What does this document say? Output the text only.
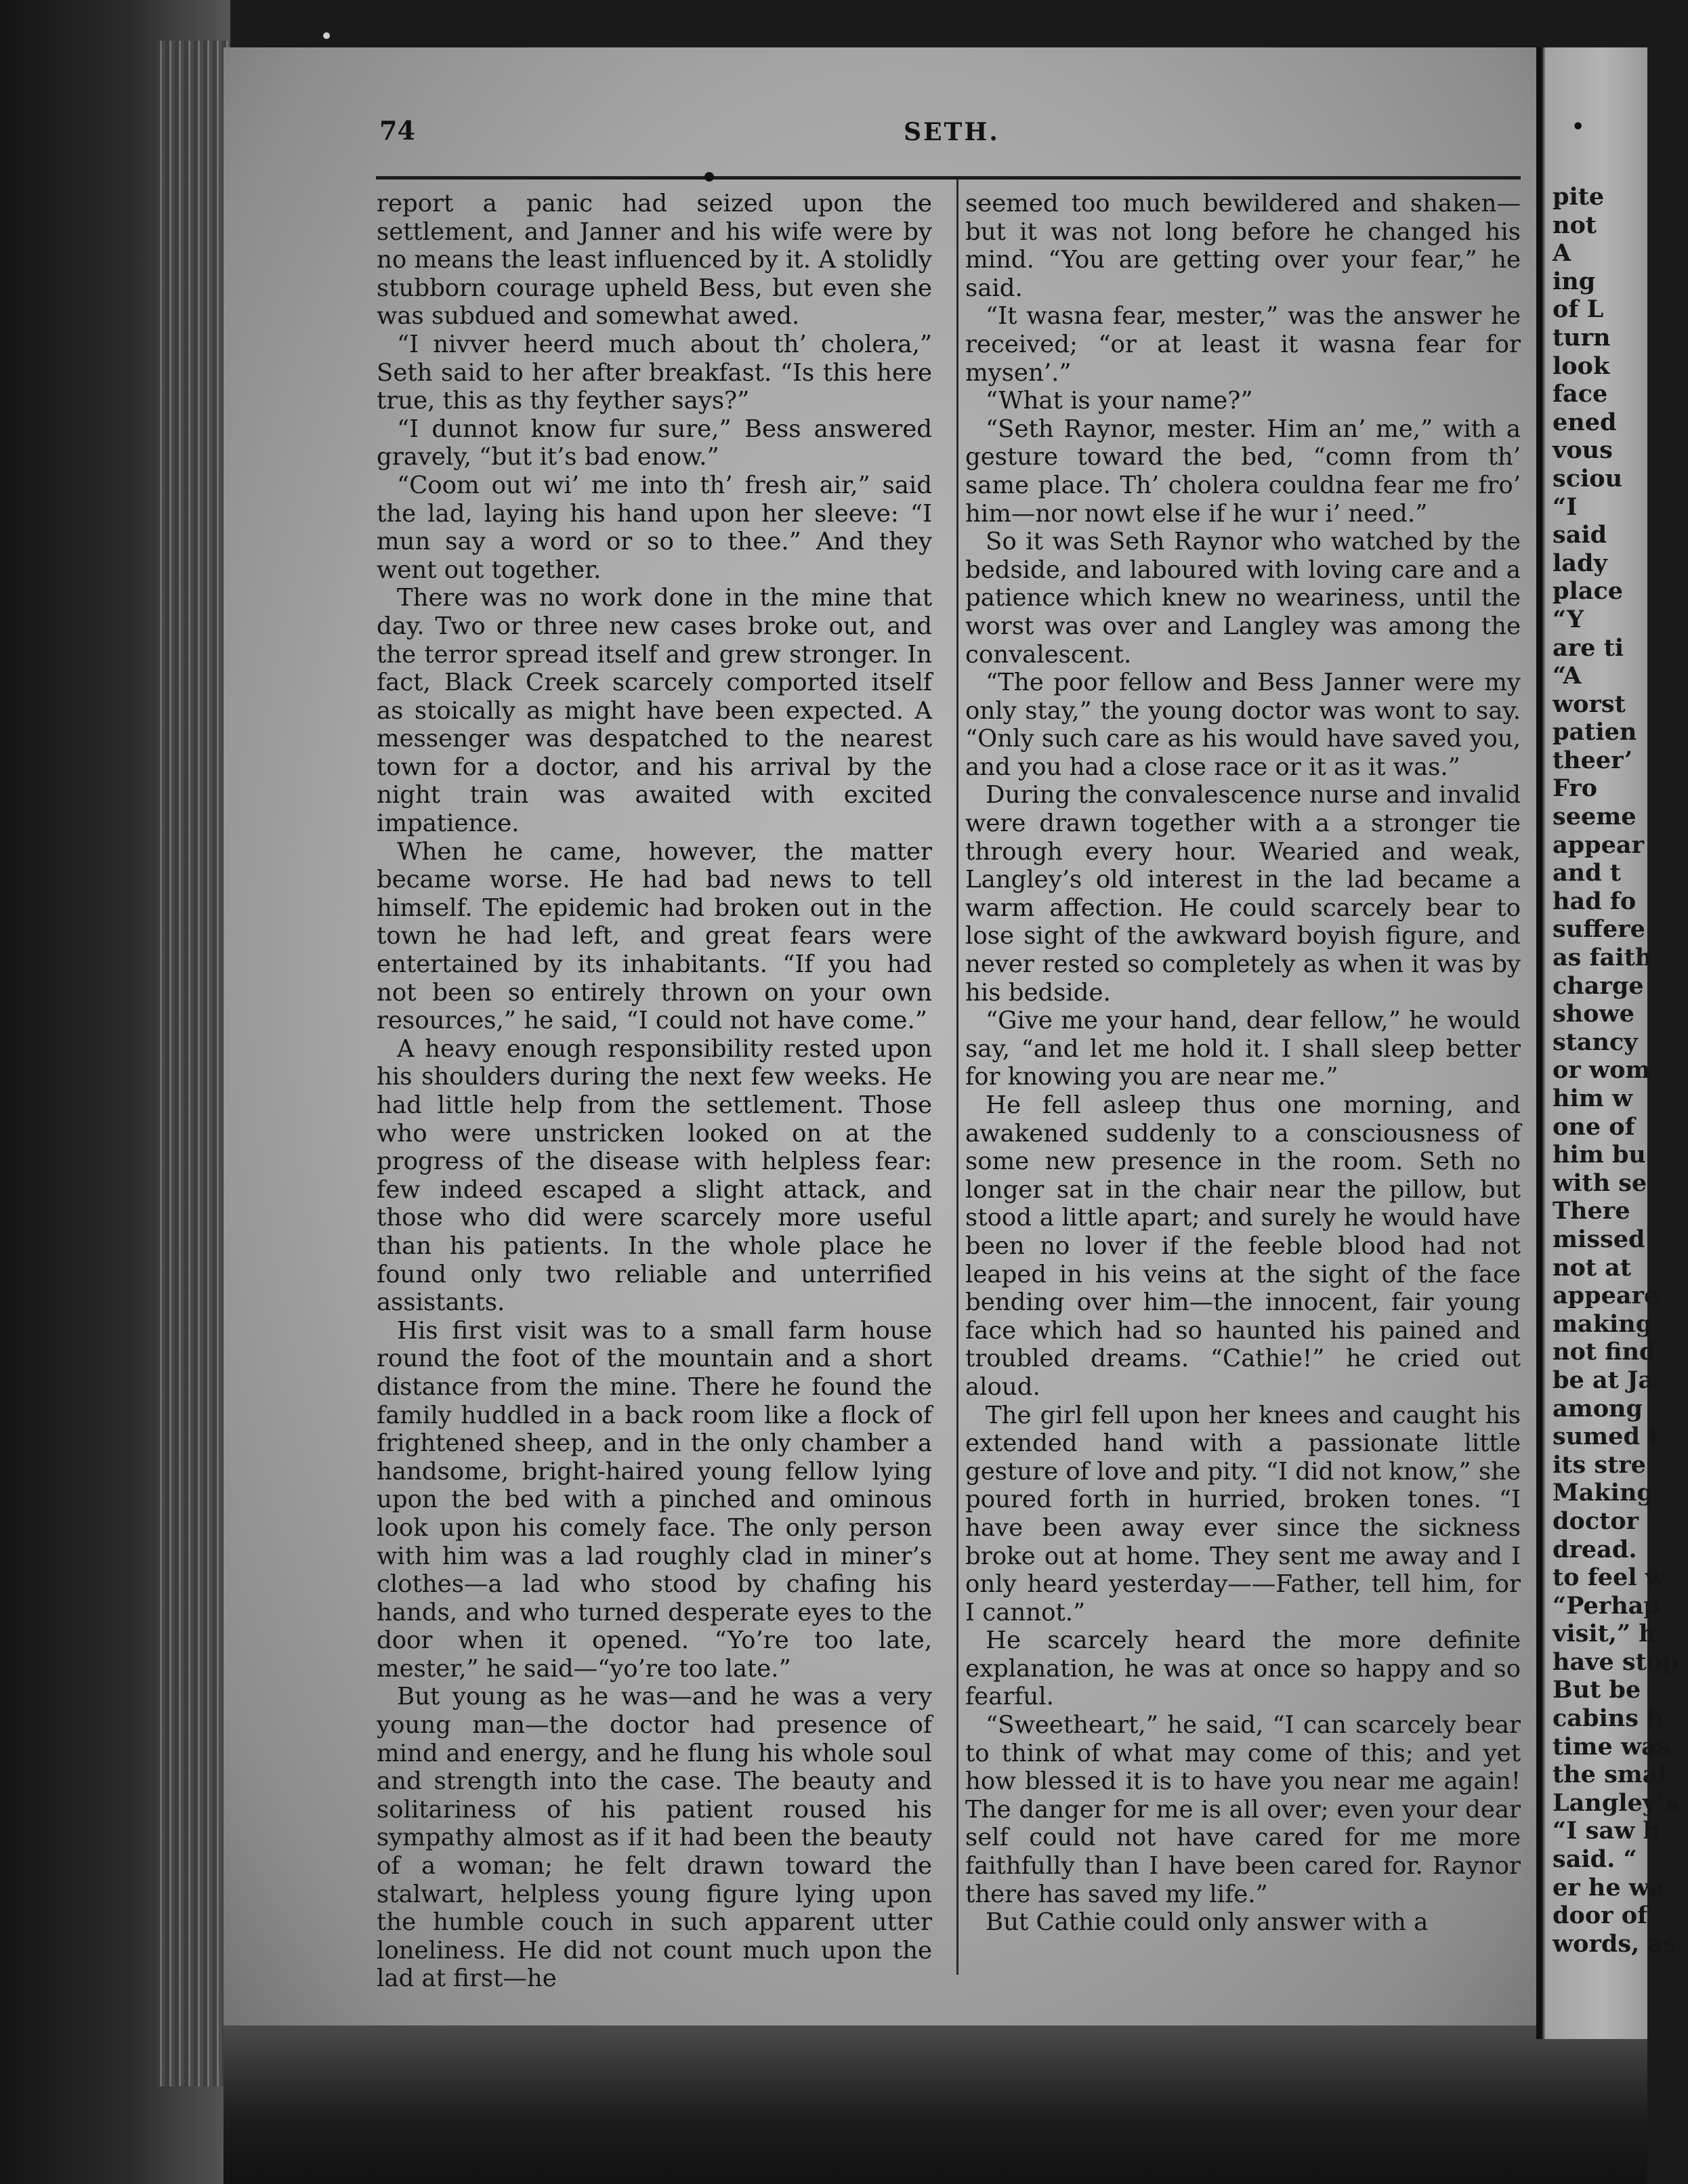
•
74	SETH.

report a panic had seized upon the settlement, and Janner and his wife were by no means the least influenced by it. A stolidly stubborn courage upheld Bess, but even she was subdued and somewhat awed.

“I nivver heerd much about th’ cholera,” Seth said to her after breakfast. “Is this here true, this as thy feyther says?”

“I dunnot know fur sure,” Bess answered gravely, “but it’s bad enow.”

“Coom out wi’ me into th’ fresh air,” said the lad, laying his hand upon her sleeve: “I mun say a word or so to thee.” And they went out together.

There was no work done in the mine that day. Two or three new cases broke out, and the terror spread itself and grew stronger. In fact, Black Creek scarcely comported itself as stoically as might have been expected. A messenger was despatched to the nearest town for a doctor, and his arrival by the night train was awaited with excited impatience.

When he came, however, the matter became worse. He had bad news to tell himself. The epidemic had broken out in the town he had left, and great fears were entertained by its inhabitants. “If you had not been so entirely thrown on your own resources,” he said, “I could not have come.”

A heavy enough responsibility rested upon his shoulders during the next few weeks. He had little help from the settlement. Those who were unstricken looked on at the progress of the disease with helpless fear: few indeed escaped a slight attack, and those who did were scarcely more useful than his patients. In the whole place he found only two reliable and unterrified assistants.

His first visit was to a small farm house round the foot of the mountain and a short distance from the mine. There he found the family huddled in a back room like a flock of frightened sheep, and in the only chamber a handsome, bright-haired young fellow lying upon the bed with a pinched and ominous look upon his comely face. The only person with him was a lad roughly clad in miner’s clothes—a lad who stood by chafing his hands, and who turned desperate eyes to the door when it opened. “Yo’re too late, mester,” he said—“yo’re too late.”

But young as he was—and he was a very young man—the doctor had presence of mind and energy, and he flung his whole soul and strength into the case. The beauty and solitariness of his patient roused his sympathy almost as if it had been the beauty of a woman; he felt drawn toward the stalwart, helpless young figure lying upon the humble couch in such apparent utter loneliness. He did not count much upon the lad at first—he

seemed too much bewildered and shaken—but it was not long before he changed his mind. “You are getting over your fear,” he said.

“It wasna fear, mester,” was the answer he received; “or at least it wasna fear for mysen’.”

“What is your name?”

“Seth Raynor, mester. Him an’ me,” with a gesture toward the bed, “comn from th’ same place. Th’ cholera couldna fear me fro’ him—nor nowt else if he wur i’ need.”

So it was Seth Raynor who watched by the bedside, and laboured with loving care and a patience which knew no weariness, until the worst was over and Langley was among the convalescent.

“The poor fellow and Bess Janner were my only stay,” the young doctor was wont to say. “Only such care as his would have saved you, and you had a close race or it as it was.”

During the convalescence nurse and invalid were drawn together with a a stronger tie through every hour. Wearied and weak, Langley’s old interest in the lad became a warm affection. He could scarcely bear to lose sight of the awkward boyish figure, and never rested so completely as when it was by his bedside.

“Give me your hand, dear fellow,” he would say, “and let me hold it. I shall sleep better for knowing you are near me.”

He fell asleep thus one morning, and awakened suddenly to a consciousness of some new presence in the room. Seth no longer sat in the chair near the pillow, but stood a little apart; and surely he would have been no lover if the feeble blood had not leaped in his veins at the sight of the face bending over him—the innocent, fair young face which had so haunted his pained and troubled dreams. “Cathie!” he cried out aloud.

The girl fell upon her knees and caught his extended hand with a passionate little gesture of love and pity. “I did not know,” she poured forth in hurried, broken tones. “I have been away ever since the sickness broke out at home. They sent me away and I only heard yesterday——Father, tell him, for I cannot.”

He scarcely heard the more definite explanation, he was at once so happy and so fearful.

“Sweetheart,” he said, “I can scarcely bear to think of what may come of this; and yet how blessed it is to have you near me again! The danger for me is all over; even your dear self could not have cared for me more faithfully than I have been cared for. Raynor there has saved my life.”

But Cathie could only answer with a

pite
not
A
ing
of L
turn
look
face
ened
vous
sciou
“I
said
lady
place
“Y
are ti
“A
worst
patien
theer’
Fro
seeme
appear
and t
had fo
suffere
as faith
charge
showe
stancy
or wom
him w
one of
him bu
with se
There
missed
not at
appeare
making
not find
be at Ja
among
sumed t
its stre
Making
doctor
dread.
to feel w
“Perhap
visit,” h
have stop
But be
cabins h
time was
the smal
Langley’s
“I saw h
said. “
er he wa
door of
words, as
•
